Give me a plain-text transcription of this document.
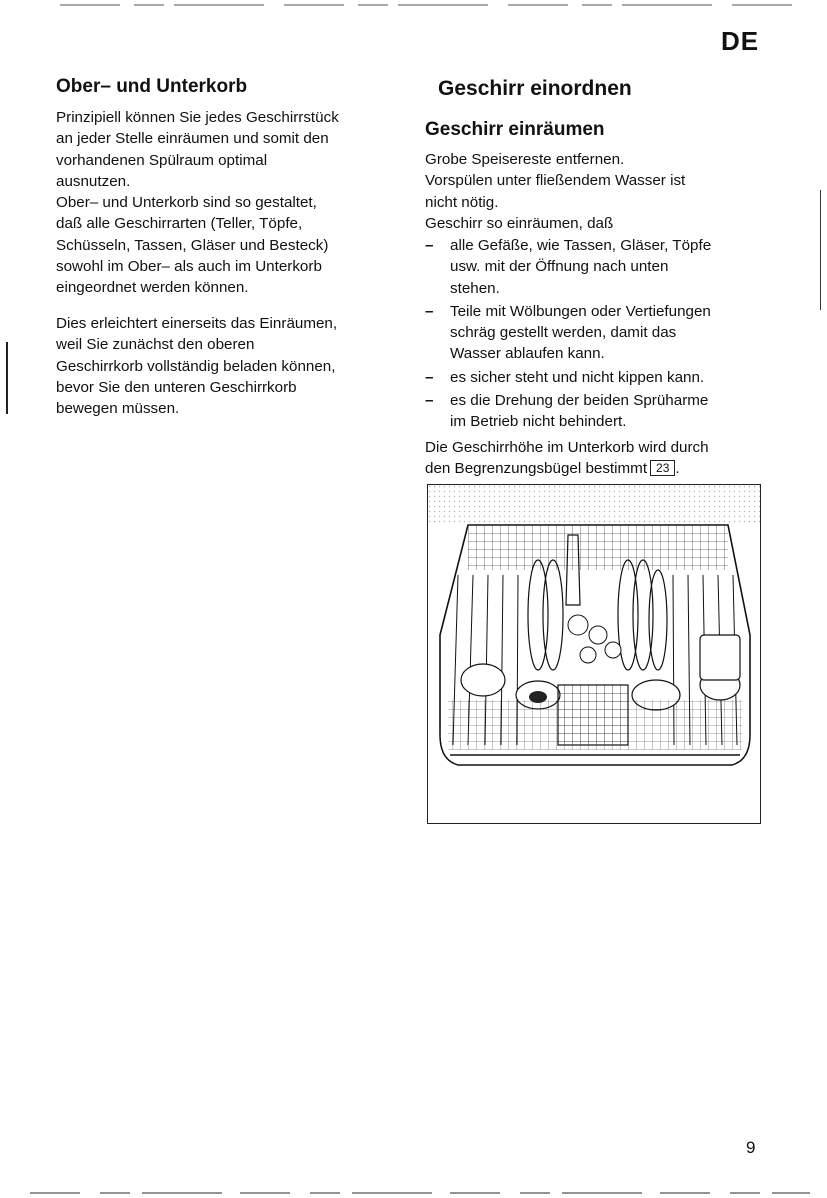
DE
Ober– und Unterkorb
Prinzipiell können Sie jedes Geschirrstück
an jeder Stelle einräumen und somit den
vorhandenen Spülraum optimal
ausnutzen.
Ober– und Unterkorb sind so gestaltet,
daß alle Geschirrarten (Teller, Töpfe,
Schüsseln, Tassen, Gläser und Besteck)
sowohl im Ober– als auch im Unterkorb
eingeordnet werden können.
Dies erleichtert einerseits das Einräumen,
weil Sie zunächst den oberen
Geschirrkorb vollständig beladen können,
bevor Sie den unteren Geschirrkorb
bewegen müssen.
Geschirr einordnen
Geschirr einräumen
Grobe Speisereste entfernen.
Vorspülen unter fließendem Wasser ist
nicht nötig.
Geschirr so einräumen, daß
– alle Gefäße, wie Tassen, Gläser, Töpfe
usw. mit der Öffnung nach unten
stehen.
– Teile mit Wölbungen oder Vertiefungen
schräg gestellt werden, damit das
Wasser ablaufen kann.
– es sicher steht und nicht kippen kann.
– es die Drehung der beiden Sprüharme
im Betrieb nicht behindert.
Die Geschirrhöhe im Unterkorb wird durch
den Begrenzungsbügel bestimmt 23 .
9
